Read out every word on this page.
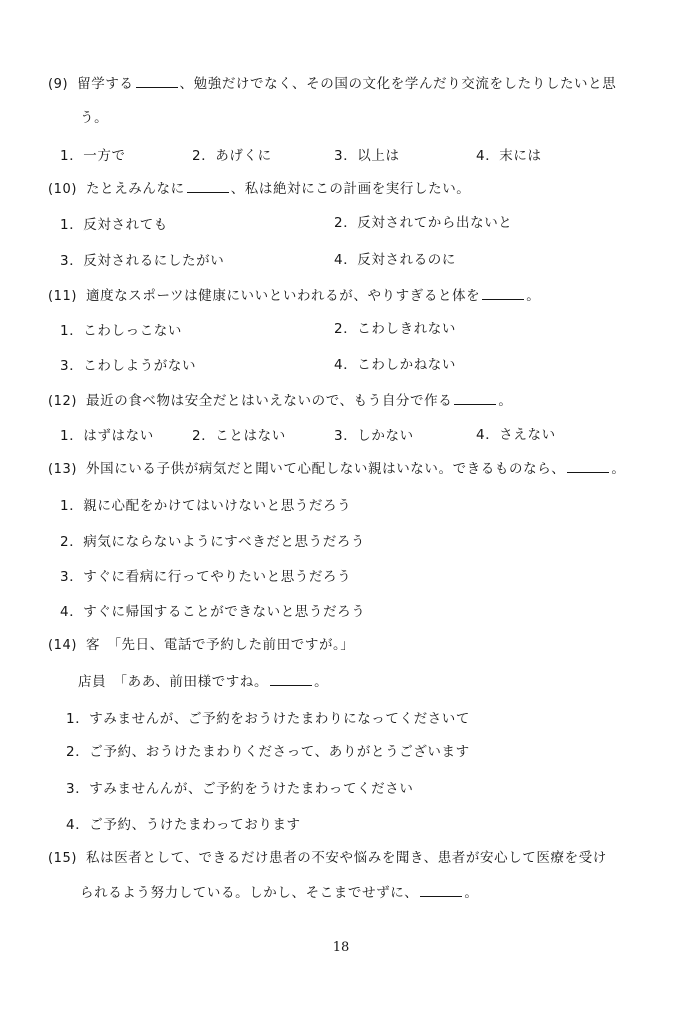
(9) 留学する	、勉強だけでなく、その国の文化を学んだり交流をしたりしたいと思
う。
1．一方で	2．あげくに	3．以上は	4．末には
(10) たとえみんなに	、私は絶対にこの計画を実行したい。
1．反対されても	2．反対されてから出ないと
3．反対されるにしたがい	4．反対されるのに
(11) 適度なスポーツは健康にいいといわれるが、やりすぎると体を	。
1．こわしっこない	2．こわしきれない
3．こわしようがない	4．こわしかねない
(12) 最近の食べ物は安全だとはいえないので、もう自分で作る	。
1．はずはない	2．ことはない	3．しかない	4．さえない
(13) 外国にいる子供が病気だと聞いて心配しない親はいない。できるものなら、	。
1．親に心配をかけてはいけないと思うだろう
2．病気にならないようにすべきだと思うだろう
3．すぐに看病に行ってやりたいと思うだろう
4．すぐに帰国することができないと思うだろう
(14) 客　「先日、電話で予約した前田ですが。」
店員　「ああ、前田様ですね。	。
1．すみませんが、ご予約をおうけたまわりになってくださいて
2．ご予約、おうけたまわりくださって、ありがとうございます
3．すみませんんが、ご予約をうけたまわってください
4．ご予約、うけたまわっております
(15) 私は医者として、できるだけ患者の不安や悩みを聞き、患者が安心して医療を受け
られるよう努力している。しかし、そこまでせずに、	。
18
